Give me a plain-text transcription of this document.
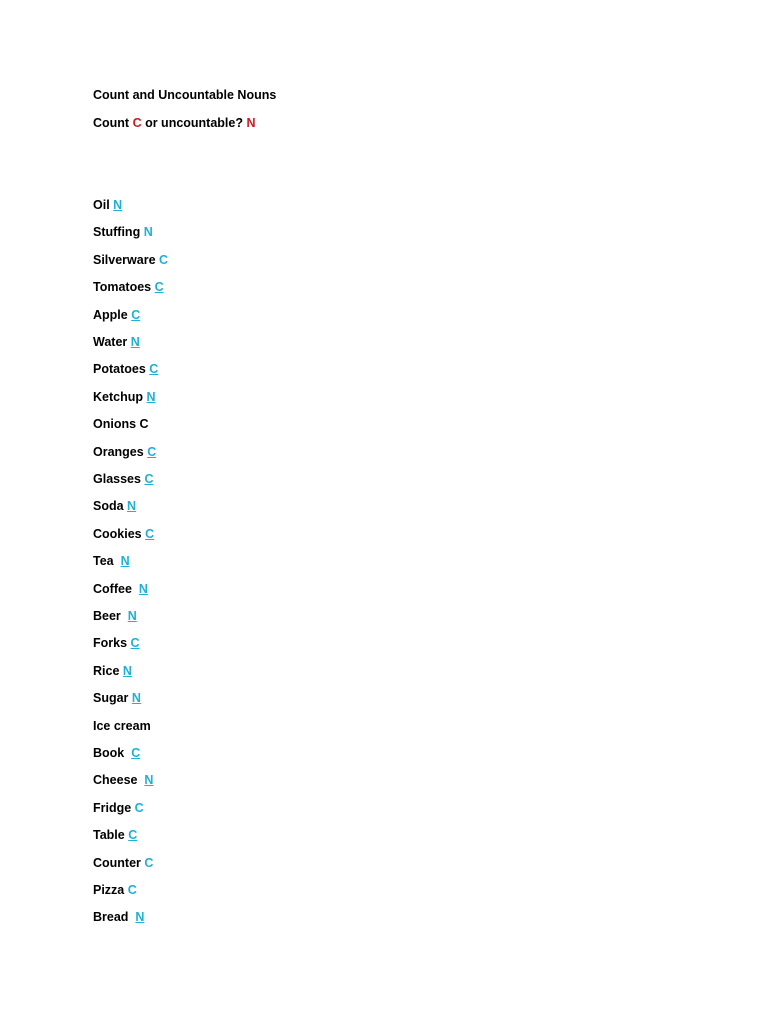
Count and Uncountable Nouns
Count C or uncountable? N
Oil N
Stuffing N
Silverware C
Tomatoes C
Apple C
Water N
Potatoes C
Ketchup N
Onions C
Oranges C
Glasses C
Soda N
Cookies C
Tea  N
Coffee  N
Beer  N
Forks C
Rice N
Sugar N
Ice cream
Book  C
Cheese  N
Fridge C
Table C
Counter C
Pizza C
Bread  N
